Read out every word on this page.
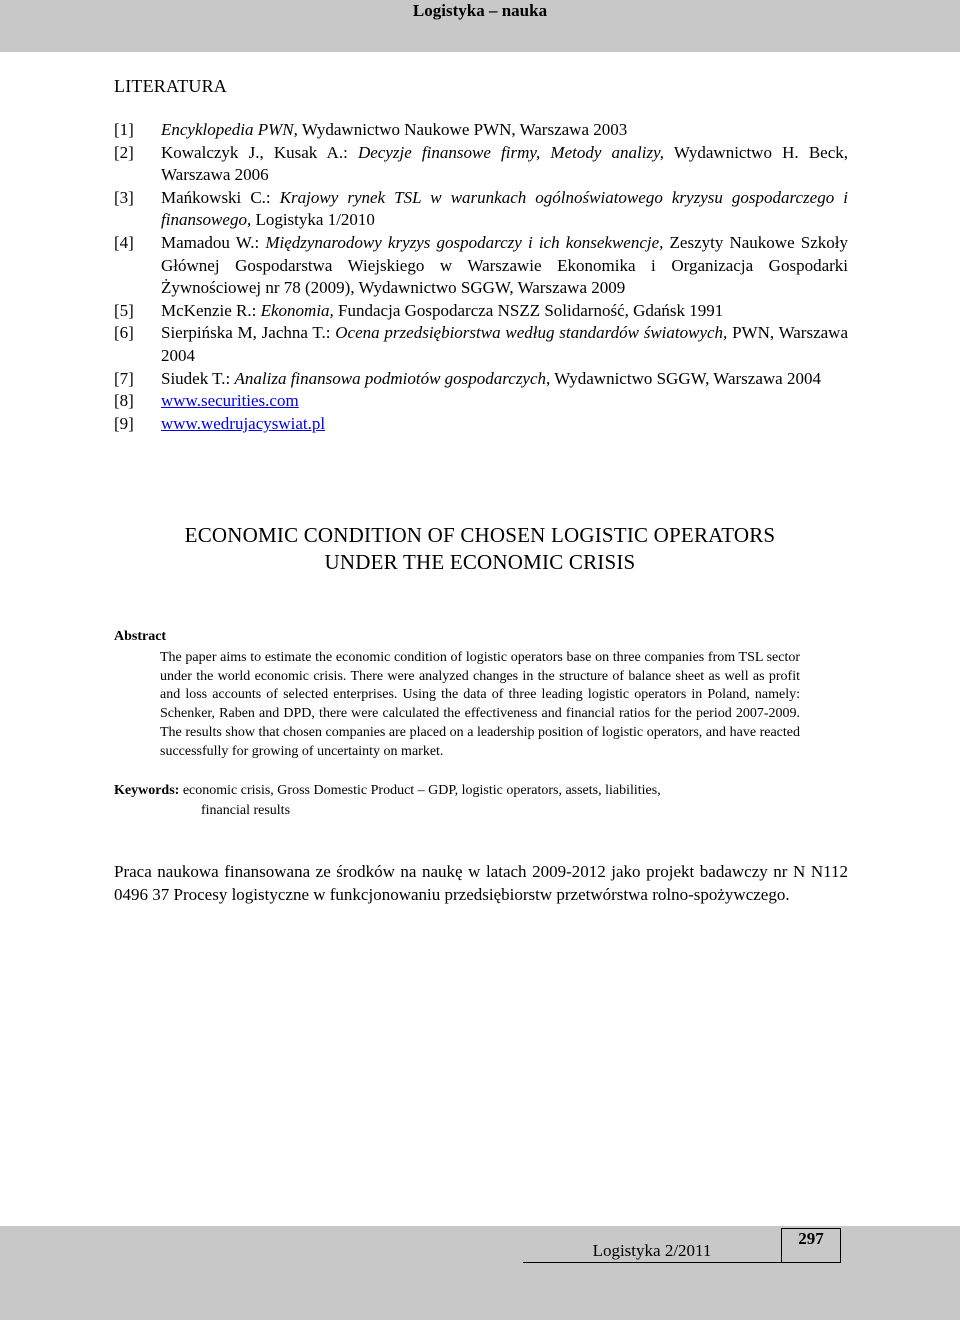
Logistyka – nauka
LITERATURA
[1] Encyklopedia PWN, Wydawnictwo Naukowe PWN, Warszawa 2003
[2] Kowalczyk J., Kusak A.: Decyzje finansowe firmy, Metody analizy, Wydawnictwo H. Beck, Warszawa 2006
[3] Mańkowski C.: Krajowy rynek TSL w warunkach ogólnoświatowego kryzysu gospodarczego i finansowego, Logistyka 1/2010
[4] Mamadou W.: Międzynarodowy kryzys gospodarczy i ich konsekwencje, Zeszyty Naukowe Szkoły Głównej Gospodarstwa Wiejskiego w Warszawie Ekonomika i Organizacja Gospodarki Żywnościowej nr 78 (2009), Wydawnictwo SGGW, Warszawa 2009
[5] McKenzie R.: Ekonomia, Fundacja Gospodarcza NSZZ Solidarność, Gdańsk 1991
[6] Sierpińska M, Jachna T.: Ocena przedsiębiorstwa według standardów światowych, PWN, Warszawa 2004
[7] Siudek T.: Analiza finansowa podmiotów gospodarczych, Wydawnictwo SGGW, Warszawa 2004
[8] www.securities.com
[9] www.wedrujacyswiat.pl
ECONOMIC CONDITION OF CHOSEN LOGISTIC OPERATORS
UNDER THE ECONOMIC CRISIS
Abstract

The paper aims to estimate the economic condition of logistic operators base on three companies from TSL sector under the world economic crisis. There were analyzed changes in the structure of balance sheet as well as profit and loss accounts of selected enterprises. Using the data of three leading logistic operators in Poland, namely: Schenker, Raben and DPD, there were calculated the effectiveness and financial ratios for the period 2007-2009. The results show that chosen companies are placed on a leadership position of logistic operators, and have reacted successfully for growing of uncertainty on market.

Keywords: economic crisis, Gross Domestic Product – GDP, logistic operators, assets, liabilities,
financial results

Praca naukowa finansowana ze środków na naukę w latach 2009-2012 jako projekt badawczy nr N N112 0496 37 Procesy logistyczne w funkcjonowaniu przedsiębiorstw przetwórstwa rolno-spożywczego.

Logistyka 2/2011
297
